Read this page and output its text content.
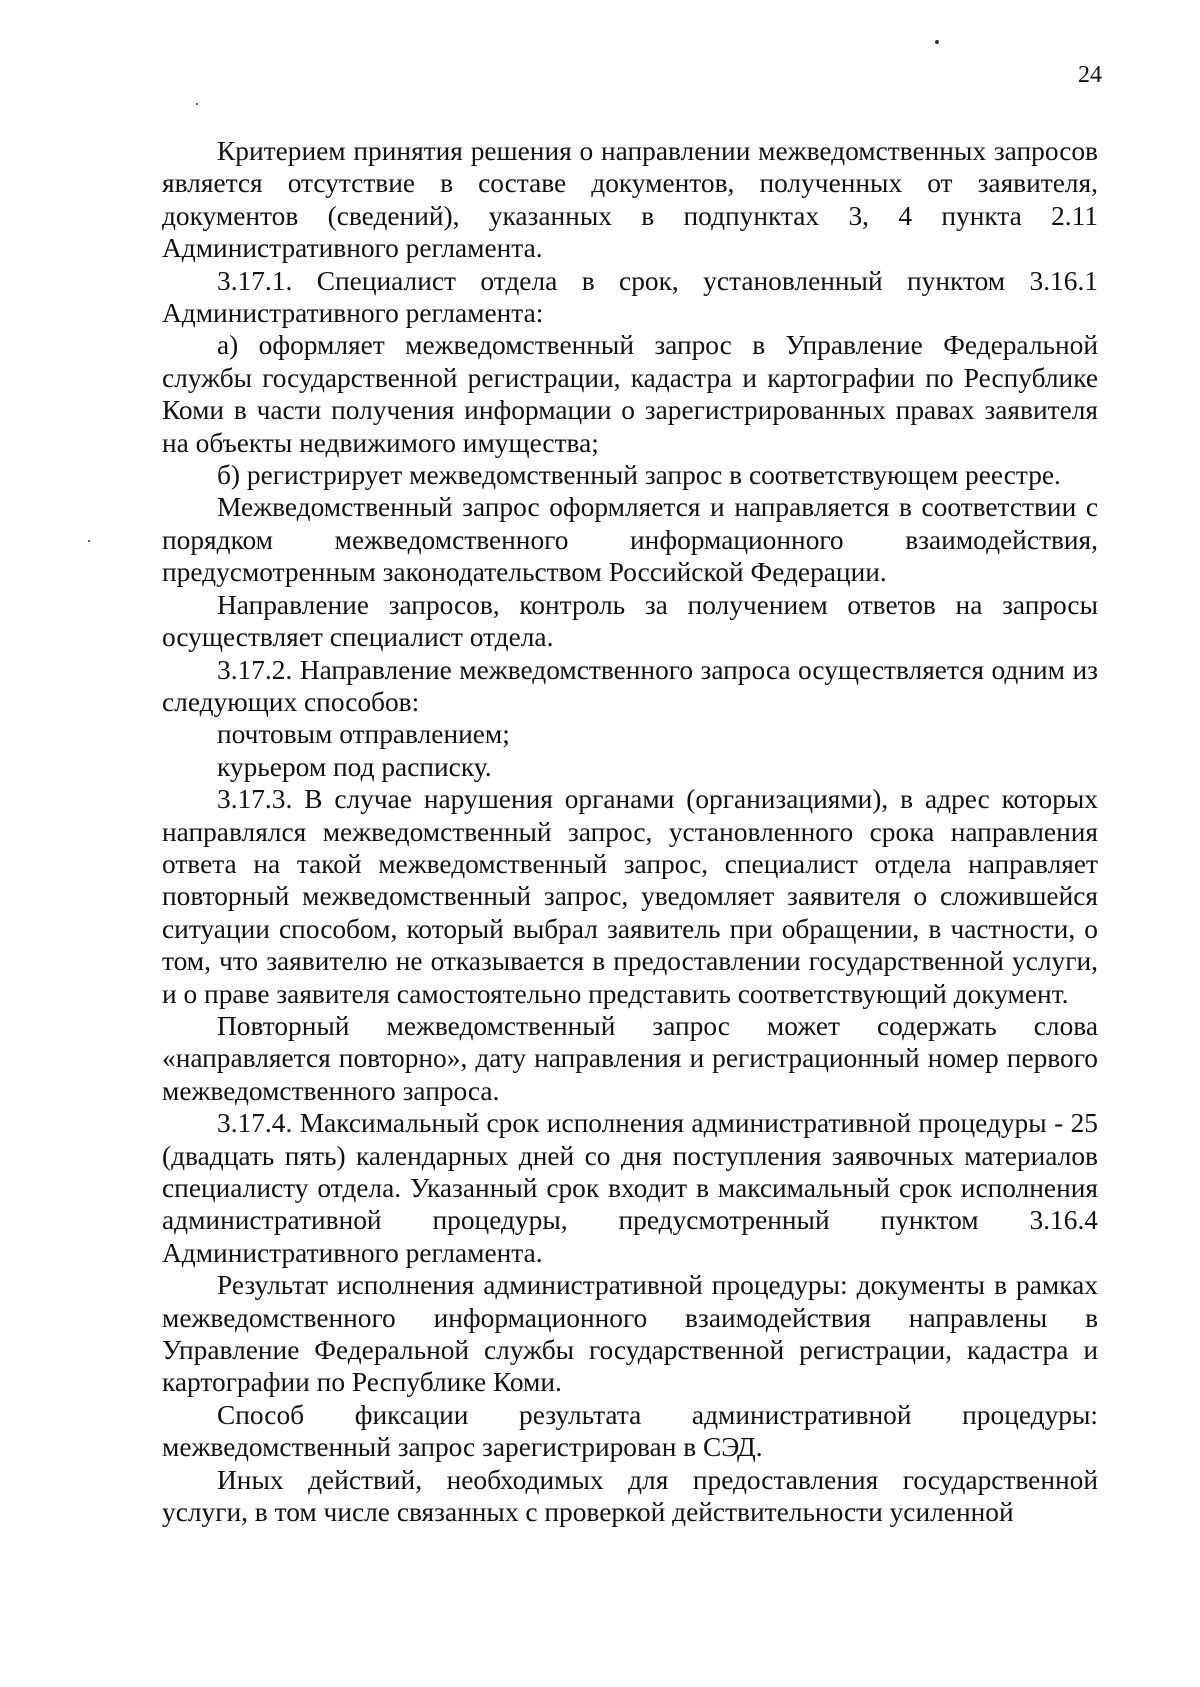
24

Критерием принятия решения о направлении межведомственных запросов является отсутствие в составе документов, полученных от заявителя, документов (сведений), указанных в подпунктах 3, 4 пункта 2.11 Административного регламента.

3.17.1. Специалист отдела в срок, установленный пунктом 3.16.1 Административного регламента:

а) оформляет межведомственный запрос в Управление Федеральной службы государственной регистрации, кадастра и картографии по Республике Коми в части получения информации о зарегистрированных правах заявителя на объекты недвижимого имущества;

б) регистрирует межведомственный запрос в соответствующем реестре.

Межведомственный запрос оформляется и направляется в соответствии с порядком межведомственного информационного взаимодействия, предусмотренным законодательством Российской Федерации.

Направление запросов, контроль за получением ответов на запросы осуществляет специалист отдела.

3.17.2. Направление межведомственного запроса осуществляется одним из следующих способов:

почтовым отправлением;

курьером под расписку.

3.17.3. В случае нарушения органами (организациями), в адрес которых направлялся межведомственный запрос, установленного срока направления ответа на такой межведомственный запрос, специалист отдела направляет повторный межведомственный запрос, уведомляет заявителя о сложившейся ситуации способом, который выбрал заявитель при обращении, в частности, о том, что заявителю не отказывается в предоставлении государственной услуги, и о праве заявителя самостоятельно представить соответствующий документ.

Повторный межведомственный запрос может содержать слова «направляется повторно», дату направления и регистрационный номер первого межведомственного запроса.

3.17.4. Максимальный срок исполнения административной процедуры - 25 (двадцать пять) календарных дней со дня поступления заявочных материалов специалисту отдела. Указанный срок входит в максимальный срок исполнения административной процедуры, предусмотренный пунктом 3.16.4 Административного регламента.

Результат исполнения административной процедуры: документы в рамках межведомственного информационного взаимодействия направлены в Управление Федеральной службы государственной регистрации, кадастра и картографии по Республике Коми.

Способ фиксации результата административной процедуры: межведомственный запрос зарегистрирован в СЭД.

Иных действий, необходимых для предоставления государственной услуги, в том числе связанных с проверкой действительности усиленной
